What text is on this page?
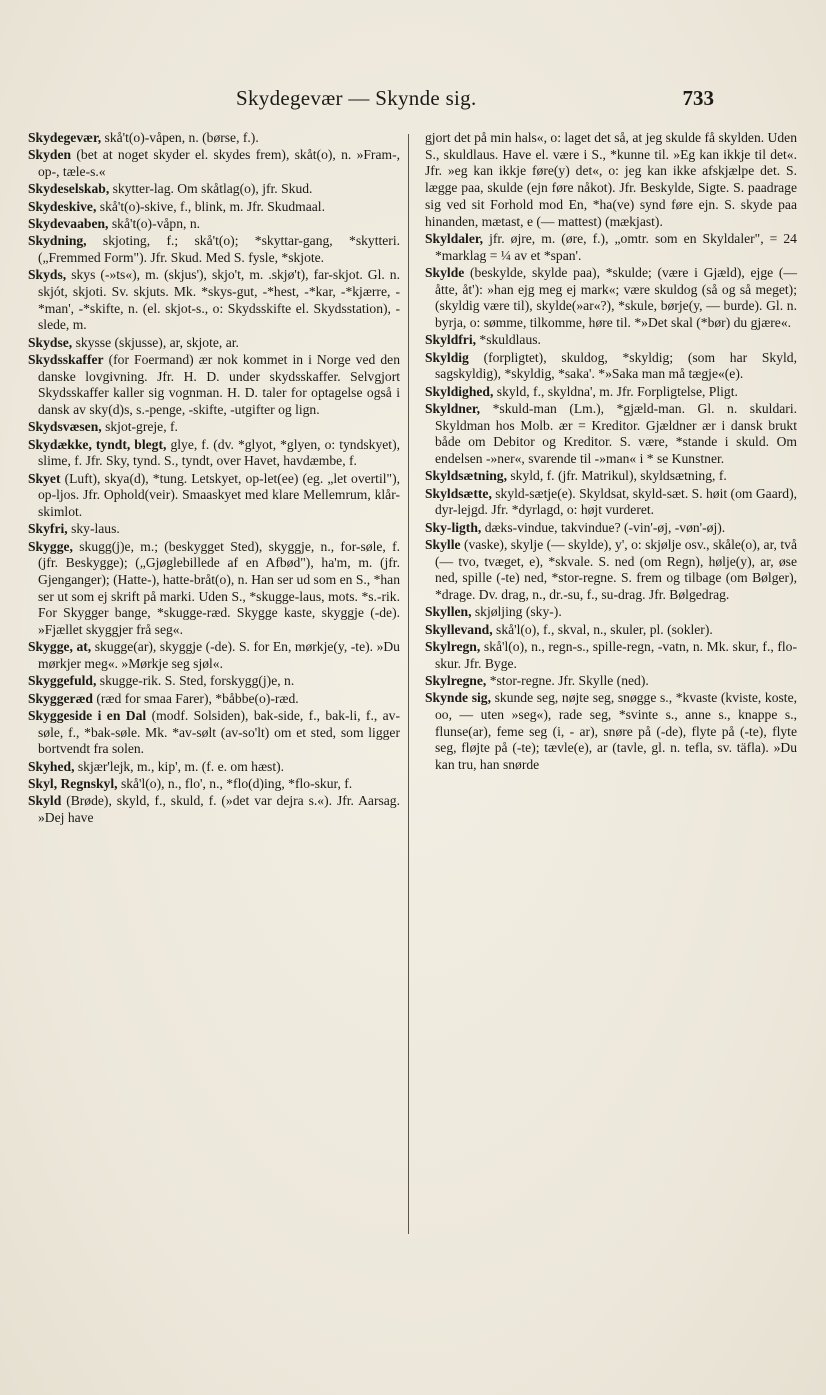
Skydegevær — Skynde sig.	733
Skydegevær, skå't(o)-våpen, n. (børse, f.).
Skyden (bet at noget skyder el. skydes frem), skåt(o), n. »Fram-, op-, tæle-s.«
Skydeselskab, skytter-lag. Om skåtlag(o), jfr. Skud.
Skydeskive, skå't(o)-skive, f., blink, m. Jfr. Skudmaal.
Skydevaaben, skå't(o)-våpn, n.
Skydning, skjoting, f.; skå't(o); *skyttar-gang, *skytteri. („Fremmed Form"). Jfr. Skud. Med S. fysle, *skjote.
Skyds, skys (-»ts«), m. (skjus'), skjo't, m. .skjø't), far-skjot. Gl. n. skjót, skjoti. Sv. skjuts. Mk. *skys-gut, -*hest, -*kar, -*kjærre, -*man', -*skifte, n. (el. skjot-s., o: Skydsskifte el. Skydsstation), -slede, m.
Skydse, skysse (skjusse), ar, skjote, ar.
Skydsskaffer (for Foermand) ær nok kommet in i Norge ved den danske lovgivning. Jfr. H. D. under skydsskaffer. Selvgjort Skydsskaffer kaller sig vognman. H. D. taler for optagelse også i dansk av sky(d)s, s.-penge, -skifte, -utgifter og lign.
Skydsvæsen, skjot-greje, f.
Skydække, tyndt, blegt, glye, f. (dv. *glyot, *glyen, o: tyndskyet), slime, f. Jfr. Sky, tynd. S., tyndt, over Havet, havdæmbe, f.
Skyet (Luft), skya(d), *tung. Letskyet, op-let(ee) (eg. „let overtil"), op-ljos. Jfr. Ophold(veir). Smaaskyet med klare Mellemrum, klår-skimlot.
Skyfri, sky-laus.
Skygge, skugg(j)e, m.; (beskygget Sted), skyggje, n., for-søle, f. (jfr. Beskygge); („Gjøglebillede af en Afbød"), ha'm, m. (jfr. Gjenganger); (Hatte-), hatte-bråt(o), n. Han ser ud som en S., *han ser ut som ej skrift på marki. Uden S., *skugge-laus, mots. *s.-rik. For Skygger bange, *skugge-ræd. Skygge kaste, skyggje (-de). »Fjællet skyggjer frå seg«.
Skygge, at, skugge(ar), skyggje (-de). S. for En, mørkje(y, -te). »Du mørkjer meg«. »Mørkje seg sjøl«.
Skyggefuld, skugge-rik. S. Sted, forskygg(j)e, n.
Skyggeræd (ræd for smaa Farer), *båbbe(o)-ræd.
Skyggeside i en Dal (modf. Solsiden), bak-side, f., bak-li, f., av-søle, f., *bak-søle. Mk. *av-sølt (av-so'lt) om et sted, som ligger bortvendt fra solen.
Skyhed, skjær'lejk, m., kip', m. (f. e. om hæst).
Skyl, Regnskyl, skå'l(o), n., flo', n., *flo(d)ing, *flo-skur, f.
Skyld (Brøde), skyld, f., skuld, f. (»det var dejra s.«). Jfr. Aarsag. »Dej have
gjort det på min hals«, o: laget det så, at jeg skulde få skylden. Uden S., skuldlaus. Have el. være i S., *kunne til. »Eg kan ikkje til det«. Jfr. »eg kan ikkje føre(y) det«, o: jeg kan ikke afskjælpe det. S. lægge paa, skulde (ejn føre nåkot). Jfr. Beskylde, Sigte. S. paadrage sig ved sit Forhold mod En, *ha(ve) synd føre ejn. S. skyde paa hinanden, mætast, e (— mattest) (mækjast).
Skyldaler, jfr. øjre, m. (øre, f.), „omtr. som en Skyldaler", = 24 *marklag = ¼ av et *span'.
Skylde (beskylde, skylde paa), *skulde; (være i Gjæld), ejge (— åtte, åt'): »han ejg meg ej mark«; være skuldog (så og så meget); (skyldig være til), skylde(»ar«?), *skule, børje(y, — burde). Gl. n. byrja, o: sømme, tilkomme, høre til. *»Det skal (*bør) du gjære«.
Skyldfri, *skuldlaus.
Skyldig (forpligtet), skuldog, *skyldig; (som har Skyld, sagskyldig), *skyldig, *saka'. *»Saka man må tægje«(e).
Skyldighed, skyld, f., skyldna', m. Jfr. Forpligtelse, Pligt.
Skyldner, *skuld-man (Lm.), *gjæld-man. Gl. n. skuldari. Skyldman hos Molb. ær = Kreditor. Gjældner ær i dansk brukt både om Debitor og Kreditor. S. være, *stande i skuld. Om endelsen -»ner«, svarende til -»man« i * se Kunstner.
Skyldsætning, skyld, f. (jfr. Matrikul), skyldsætning, f.
Skyldsætte, skyld-sætje(e). Skyldsat, skyld-sæt. S. høit (om Gaard), dyr-lejgd. Jfr. *dyrlagd, o: højt vurderet.
Sky-ligth, dæks-vindue, takvindue? (-vin'-øj, -vøn'-øj).
Skylle (vaske), skylje (— skylde), y', o: skjølje osv., skåle(o), ar, två (— tvo, tvæget, e), *skvale. S. ned (om Regn), hølje(y), ar, øse ned, spille (-te) ned, *stor-regne. S. frem og tilbage (om Bølger), *drage. Dv. drag, n., dr.-su, f., su-drag. Jfr. Bølgedrag.
Skyllen, skjøljing (sky-).
Skyllevand, skå'l(o), f., skval, n., skuler, pl. (sokler).
Skylregn, skå'l(o), n., regn-s., spille-regn, -vatn, n. Mk. skur, f., flo-skur. Jfr. Byge.
Skylregne, *stor-regne. Jfr. Skylle (ned).
Skynde sig, skunde seg, nøjte seg, snøgge s., *kvaste (kviste, koste, oo, — uten »seg«), rade seg, *svinte s., anne s., knappe s., flunse(ar), feme seg (i, - ar), snøre på (-de), flyte på (-te), flyte seg, fløjte på (-te); tævle(e), ar (tavle, gl. n. tefla, sv. täfla). »Du kan tru, han snørde
